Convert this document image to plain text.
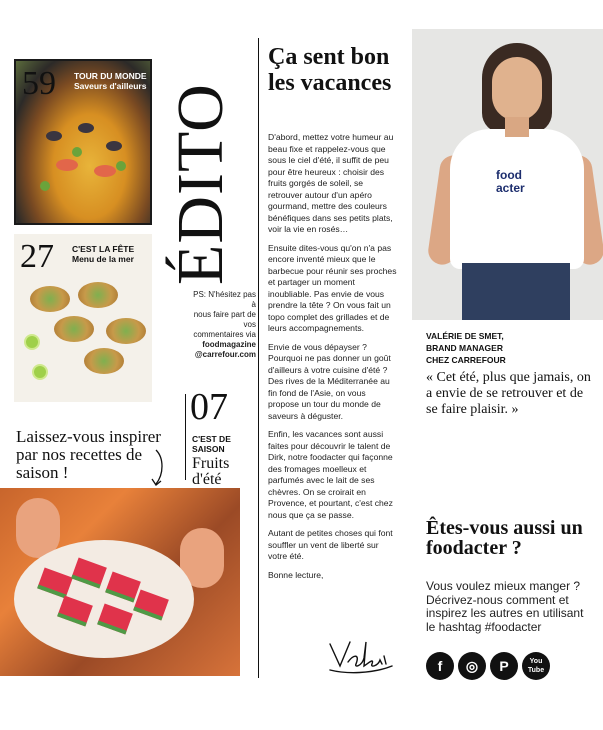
59 TOUR DU MONDE
Saveurs d'ailleurs
27 C'EST LA FÊTE
Menu de la mer
Laissez-vous inspirer par nos recettes de saison !
07
C'EST DE
SAISON
Fruits
d'été
ÉDITO
PS: N'hésitez pas à
nous faire part de vos
commentaires via
foodmagazine
@carrefour.com
Ça sent bon les vacances

D'abord, mettez votre humeur au beau fixe et rappelez-vous que sous le ciel d'été, il suffit de peu pour être heureux : choisir des fruits gorgés de soleil, se retrouver autour d'un apéro gourmand, mettre des couleurs bénéfiques dans ses petits plats, voir la vie en rosés…

Ensuite dites-vous qu'on n'a pas encore inventé mieux que le barbecue pour réunir ses proches et partager un moment inoubliable. Pas envie de vous prendre la tête ? On vous fait un topo complet des grillades et de leurs accompagnements.

Envie de vous dépayser ? Pourquoi ne pas donner un goût d'ailleurs à votre cuisine d'été ? Des rives de la Méditerranée au fin fond de l'Asie, on vous propose un tour du monde de saveurs à déguster.

Enfin, les vacances sont aussi faites pour découvrir le talent de Dirk, notre foodacter qui façonne des fromages moelleux et parfumés avec le lait de ses chèvres. On se croirait en Provence, et pourtant, c'est chez nous que ça se passe.

Autant de petites choses qui font souffler un vent de liberté sur votre été.

Bonne lecture,

food
acter
VALÉRIE DE SMET,
BRAND MANAGER
CHEZ CARREFOUR
« Cet été, plus que jamais, on a envie de se retrouver et de se faire plaisir. »
Êtes-vous aussi un foodacter ?
Vous voulez mieux manger ? Décrivez-nous comment et inspirez les autres en utilisant le hashtag #foodacter
f	◎	P	You
Tube
